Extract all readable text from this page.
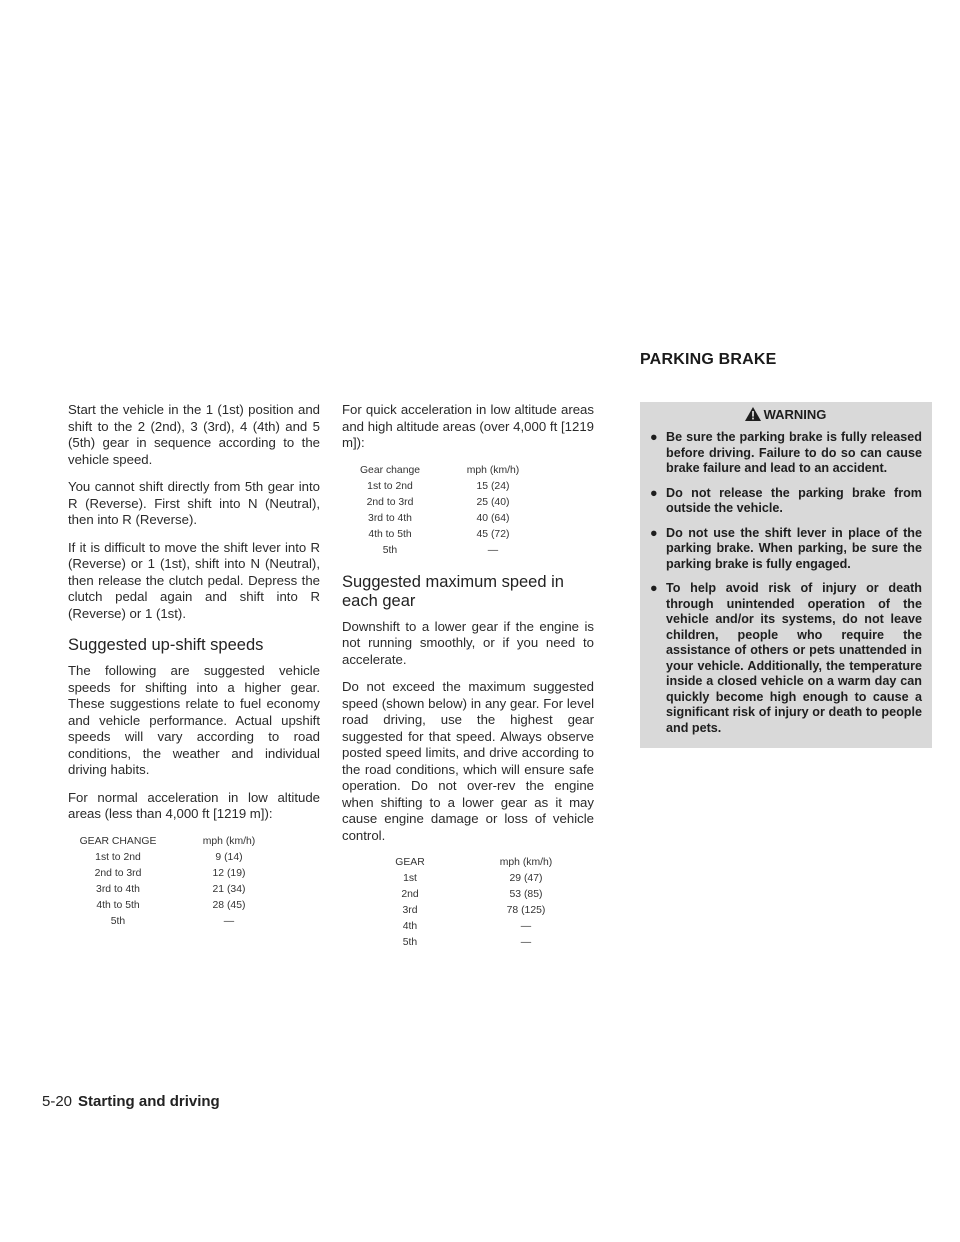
PARKING BRAKE

Start the vehicle in the 1 (1st) position and shift to the 2 (2nd), 3 (3rd), 4 (4th) and 5 (5th) gear in sequence according to the vehicle speed.

You cannot shift directly from 5th gear into R (Reverse). First shift into N (Neutral), then into R (Reverse).

If it is difficult to move the shift lever into R (Reverse) or 1 (1st), shift into N (Neutral), then release the clutch pedal. Depress the clutch pedal again and shift into R (Reverse) or 1 (1st).

Suggested up-shift speeds

The following are suggested vehicle speeds for shifting into a higher gear. These suggestions relate to fuel economy and vehicle performance. Actual upshift speeds will vary according to road conditions, the weather and individual driving habits.

For normal acceleration in low altitude areas (less than 4,000 ft [1219 m]):

GEAR CHANGE	mph (km/h)
1st to 2nd	9 (14)
2nd to 3rd	12 (19)
3rd to 4th	21 (34)
4th to 5th	28 (45)
5th	—

For quick acceleration in low altitude areas and high altitude areas (over 4,000 ft [1219 m]):

Gear change	mph (km/h)
1st to 2nd	15 (24)
2nd to 3rd	25 (40)
3rd to 4th	40 (64)
4th to 5th	45 (72)
5th	—
Suggested maximum speed in each gear

Downshift to a lower gear if the engine is not running smoothly, or if you need to accelerate.

Do not exceed the maximum suggested speed (shown below) in any gear. For level road driving, use the highest gear suggested for that speed. Always observe posted speed limits, and drive according to the road conditions, which will ensure safe operation. Do not over-rev the engine when shifting to a lower gear as it may cause engine damage or loss of vehicle control.

GEAR	mph (km/h)
1st	29 (47)
2nd	53 (85)
3rd	78 (125)
4th	—
5th	—
WARNING
● Be sure the parking brake is fully released before driving. Failure to do so can cause brake failure and lead to an accident.
● Do not release the parking brake from outside the vehicle.
● Do not use the shift lever in place of the parking brake. When parking, be sure the parking brake is fully engaged.
● To help avoid risk of injury or death through unintended operation of the vehicle and/or its systems, do not leave children, people who require the assistance of others or pets unattended in your vehicle. Additionally, the temperature inside a closed vehicle on a warm day can quickly become high enough to cause a significant risk of injury or death to people and pets.
5-20 Starting and driving
